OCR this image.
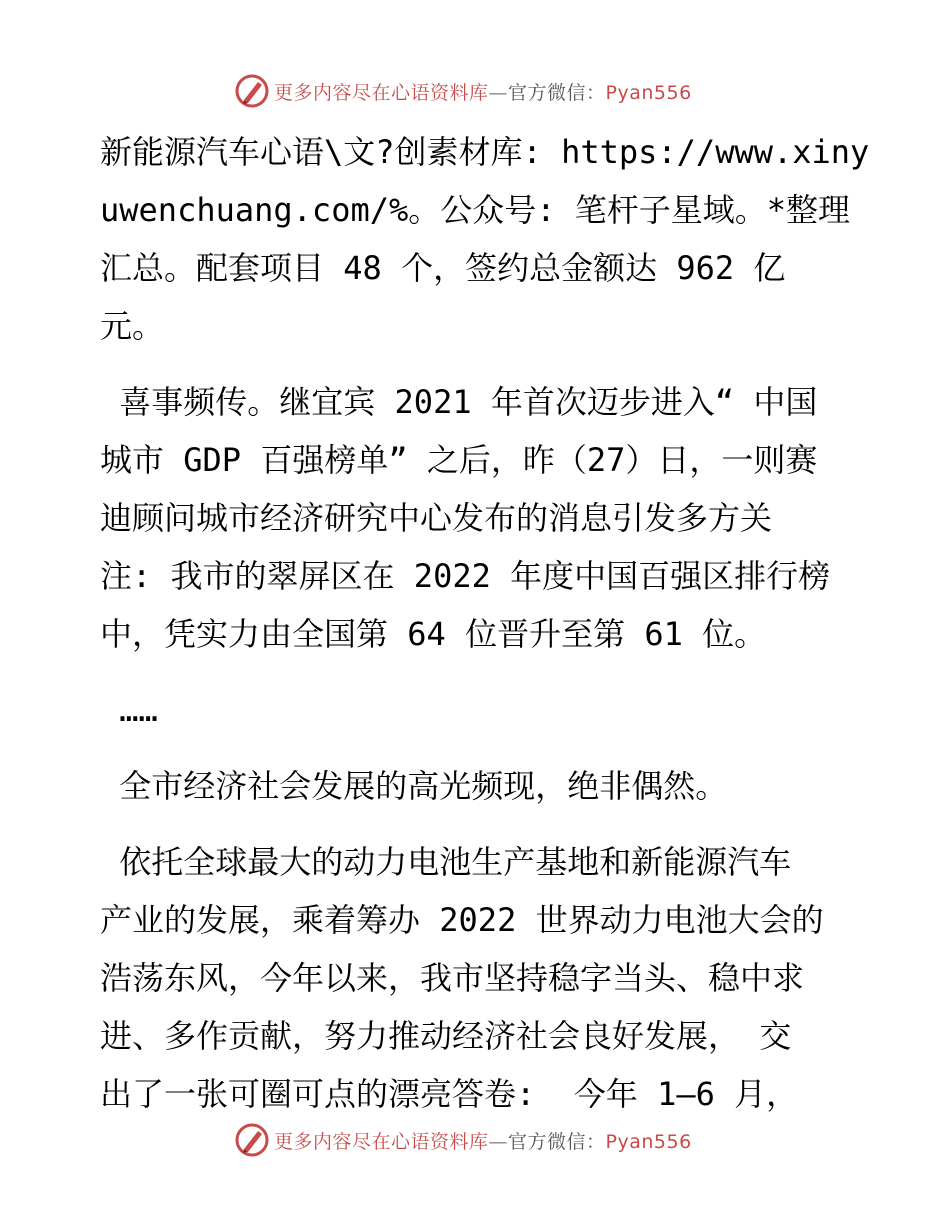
更多内容尽在心语资料库—官方微信：Pyan556
新能源汽车心语\文?创素材库: https://www.xiny
uwenchuang.com/%。公众号: 笔杆子星域。*整理
汇总。配套项目 48 个，签约总金额达 962 亿
元。
喜事频传。继宜宾 2021 年首次迈步进入“ 中国
城市 GDP 百强榜单” 之后，昨（27）日，一则赛
迪顾问城市经济研究中心发布的消息引发多方关
注: 我市的翠屏区在 2022 年度中国百强区排行榜
中，凭实力由全国第 64 位晋升至第 61 位。
……
全市经济社会发展的高光频现，绝非偶然。
依托全球最大的动力电池生产基地和新能源汽车
产业的发展，乘着筹办 2022 世界动力电池大会的
浩荡东风，今年以来，我市坚持稳字当头、稳中求
进、多作贡献，努力推动经济社会良好发展， 交
出了一张可圈可点的漂亮答卷:  今年 1—6 月，
更多内容尽在心语资料库—官方微信：Pyan556
